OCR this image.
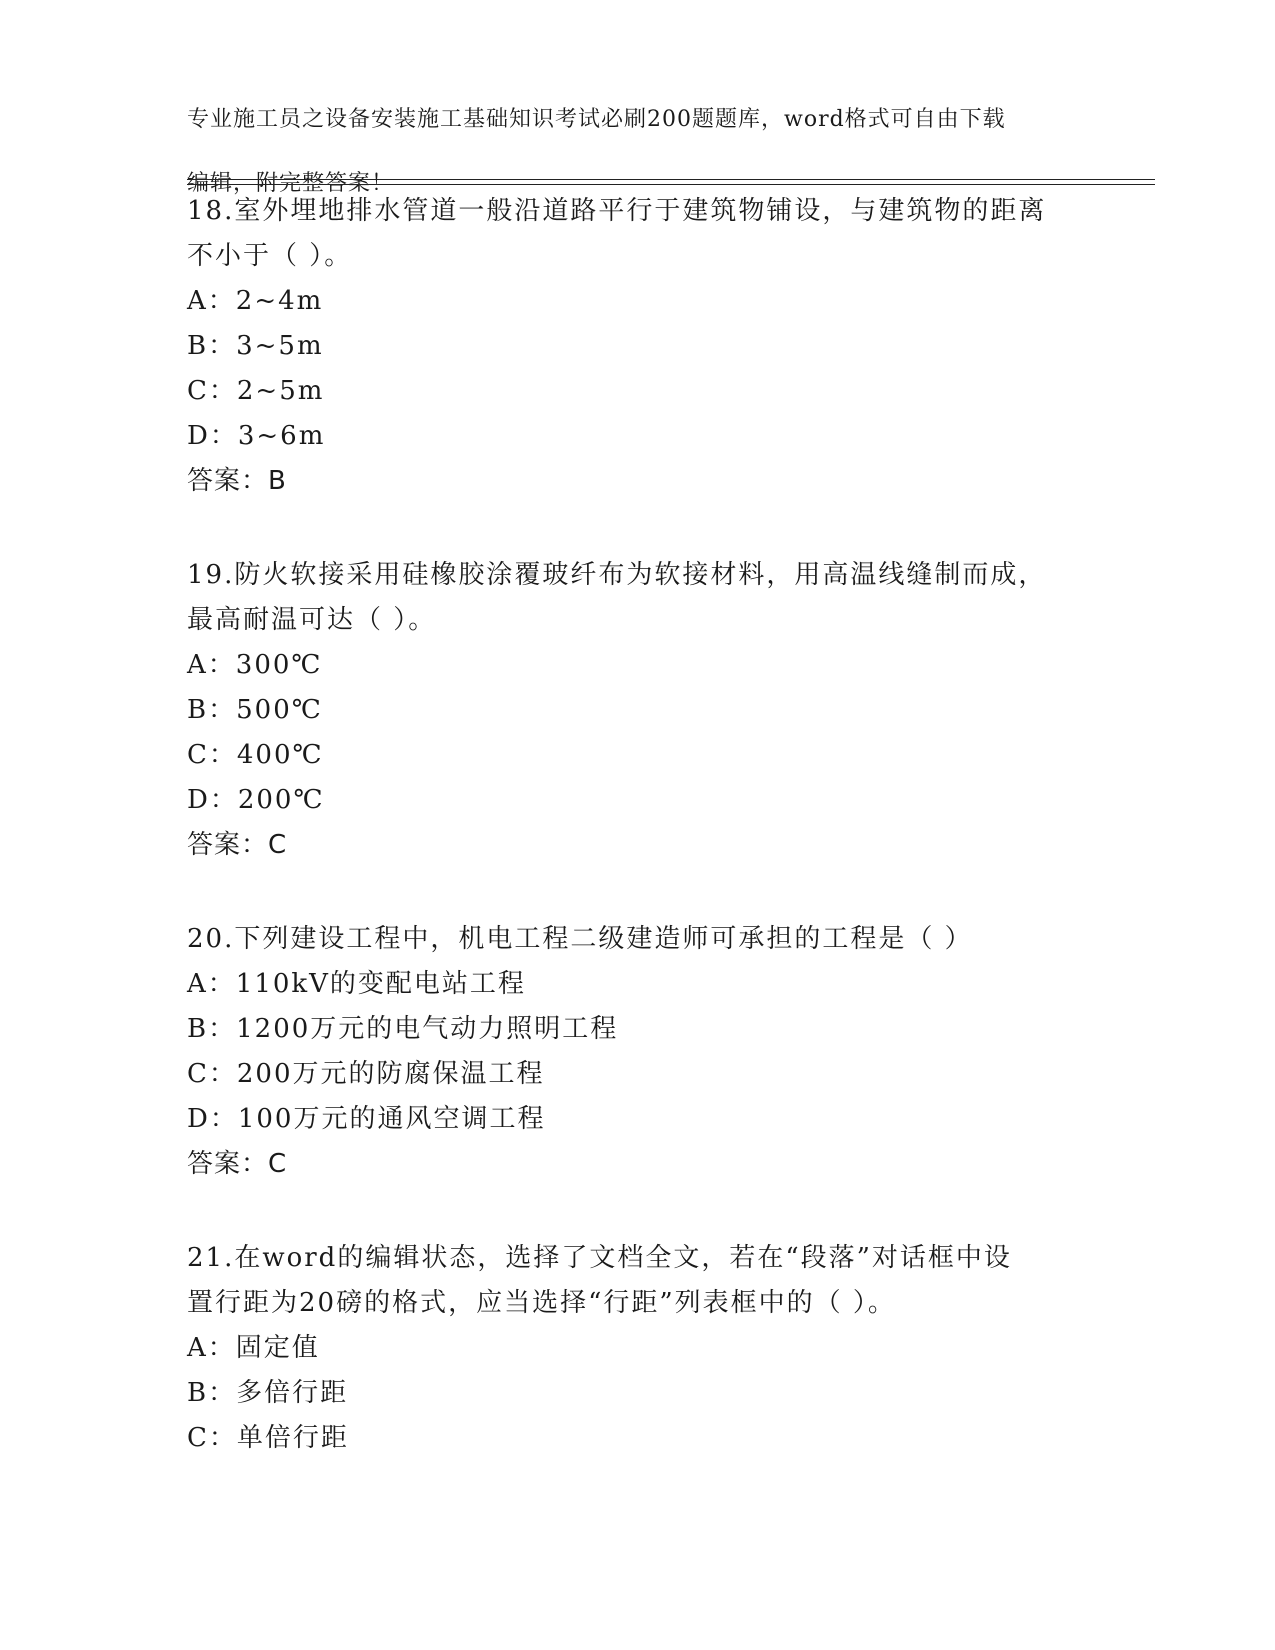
专业施工员之设备安装施工基础知识考试必刷200题题库，word格式可自由下载

编辑，附完整答案！

18.室外埋地排水管道一般沿道路平行于建筑物铺设，与建筑物的距离

不小于（ ）。

A：2~4m

B：3~5m

C：2~5m

D：3~6m

答案：B

19.防火软接采用硅橡胶涂覆玻纤布为软接材料，用高温线缝制而成，

最高耐温可达（ ）。

A：300℃

B：500℃

C：400℃

D：200℃

答案：C

20.下列建设工程中，机电工程二级建造师可承担的工程是（ ）

A：110kV的变配电站工程

B：1200万元的电气动力照明工程

C：200万元的防腐保温工程

D：100万元的通风空调工程

答案：C

21.在word的编辑状态，选择了文档全文，若在“段落”对话框中设

置行距为20磅的格式，应当选择“行距”列表框中的（ ）。

A：固定值

B：多倍行距

C：单倍行距
